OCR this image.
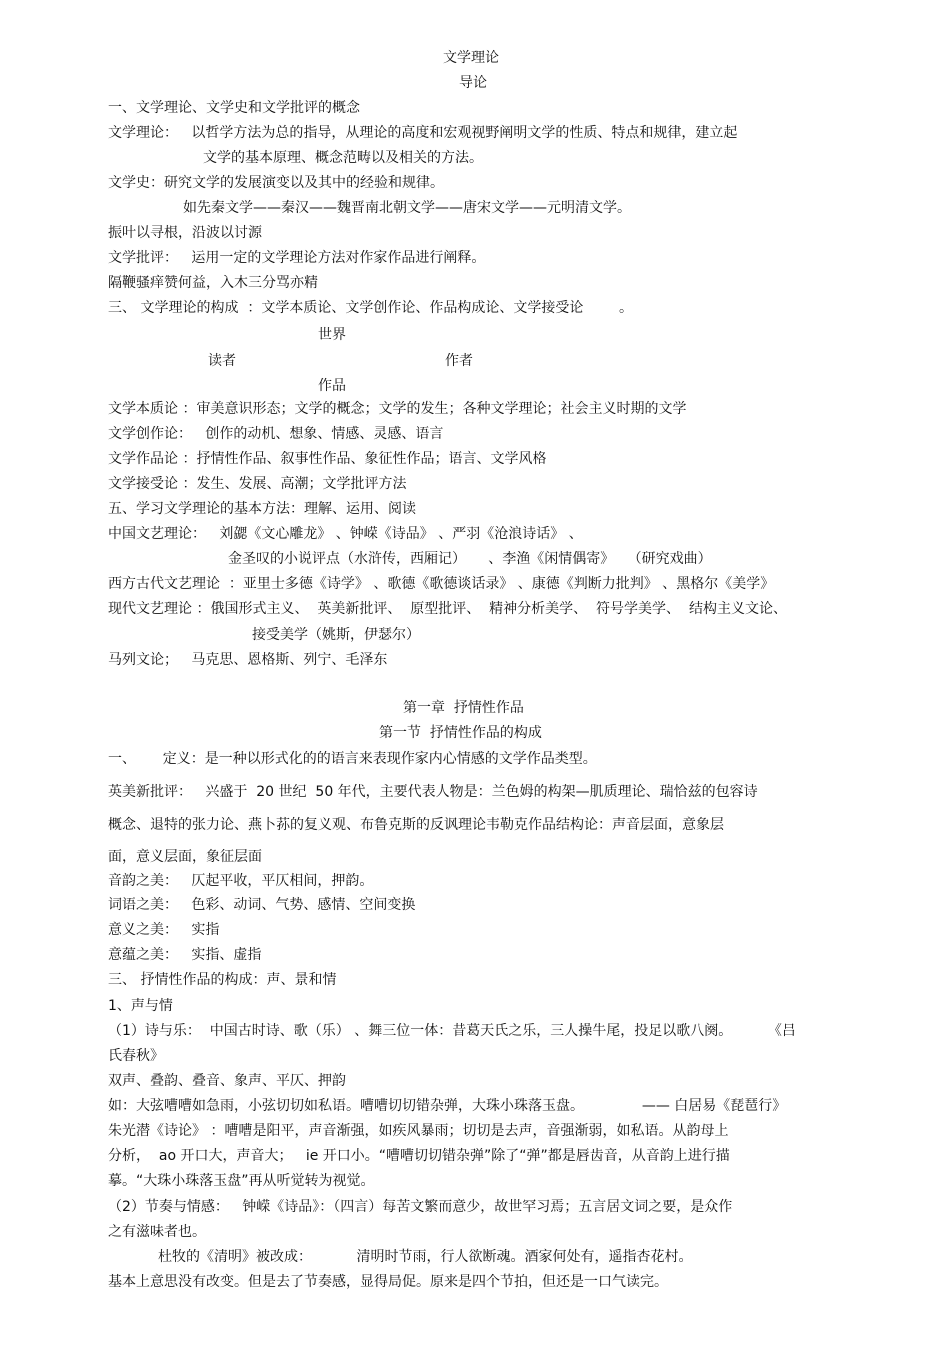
文学理论
导论
一、文学理论、文学史和文学批评的概念
文学理论：   以哲学方法为总的指导，从理论的高度和宏观视野阐明文学的性质、特点和规律，建立起
文学的基本原理、概念范畴以及相关的方法。
文学史：研究文学的发展演变以及其中的经验和规律。
如先秦文学——秦汉——魏晋南北朝文学——唐宋文学——元明清文学。
振叶以寻根，沿波以讨源
文学批评：   运用一定的文学理论方法对作家作品进行阐释。
隔鞭骚痒赞何益，入木三分骂亦精
三、 文学理论的构成  ：文学本质论、文学创作论、作品构成论、文学接受论        。
世界
读者	作者
作品
文学本质论 ：审美意识形态；文学的概念；文学的发生；各种文学理论；社会主义时期的文学
文学创作论：   创作的动机、想象、情感、灵感、语言
文学作品论 ：抒情性作品、叙事性作品、象征性作品；语言、文学风格
文学接受论 ：发生、发展、高潮；文学批评方法
五、学习文学理论的基本方法：理解、运用、阅读
中国文艺理论：   刘勰《文心雕龙》 、钟嵘《诗品》 、严羽《沧浪诗话》 、
金圣叹的小说评点（水浒传，西厢记）     、李渔《闲情偶寄》   （研究戏曲）
西方古代文艺理论  ：亚里士多德《诗学》 、歌德《歌德谈话录》 、康德《判断力批判》 、黑格尔《美学》
现代文艺理论 ：俄国形式主义、  英美新批评、  原型批评、  精神分析美学、  符号学美学、  结构主义文论、
接受美学（姚斯，伊瑟尔）
马列文论；   马克思、恩格斯、列宁、毛泽东
第一章  抒情性作品
第一节  抒情性作品的构成
一、      定义：是一种以形式化的的语言来表现作家内心情感的文学作品类型。
英美新批评：   兴盛于  20 世纪  50 年代，主要代表人物是：兰色姆的构架—肌质理论、瑞恰兹的包容诗
概念、退特的张力论、燕卜荪的复义观、布鲁克斯的反讽理论韦勒克作品结构论：声音层面，意象层
面，意义层面，象征层面
音韵之美：   仄起平收，平仄相间，押韵。
词语之美：   色彩、动词、气势、感情、空间变换
意义之美：   实指
意蕴之美：   实指、虚指
三、 抒情性作品的构成：声、景和情
1、声与情
（1）诗与乐：  中国古时诗、歌（乐） 、舞三位一体：昔葛天氏之乐，三人操牛尾，投足以歌八阕。        《吕
氏春秋》
双声、叠韵、叠音、象声、平仄、押韵
如：大弦嘈嘈如急雨，小弦切切如私语。嘈嘈切切错杂弹，大珠小珠落玉盘。             —— 白居易《琵琶行》
朱光潜《诗论》 ：嘈嘈是阳平，声音渐强，如疾风暴雨；切切是去声，音强渐弱，如私语。从韵母上
分析，  ao 开口大，声音大；   ie 开口小。“嘈嘈切切错杂弹”除了“弹”都是唇齿音，从音韵上进行描
摹。“大珠小珠落玉盘”再从听觉转为视觉。
（2）节奏与情感：   钟嵘《诗品》：（四言）每苦文繁而意少，故世罕习焉；五言居文词之要，是众作
之有滋味者也。
杜牧的《清明》被改成：          清明时节雨，行人欲断魂。酒家何处有，遥指杏花村。
基本上意思没有改变。但是去了节奏感，显得局促。原来是四个节拍，但还是一口气读完。
